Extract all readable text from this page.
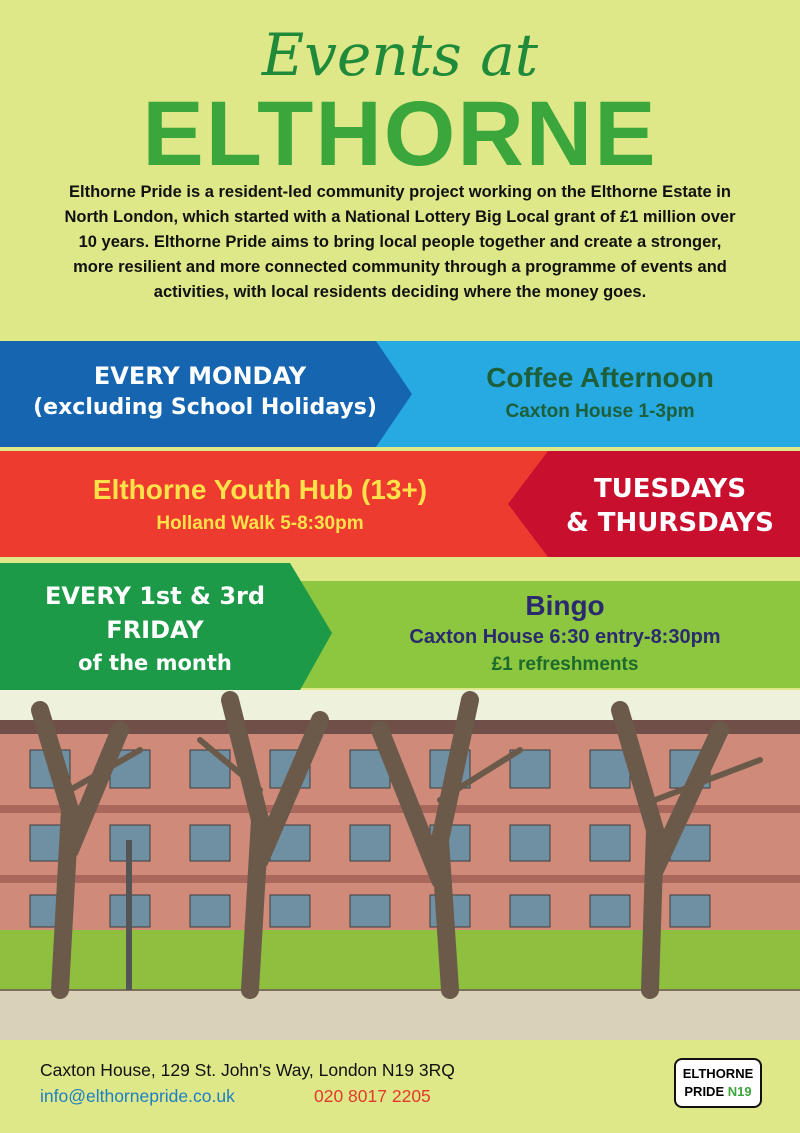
Events at
ELTHORNE

Elthorne Pride is a resident-led community project working on the Elthorne Estate in North London, which started with a National Lottery Big Local grant of £1 million over 10 years. Elthorne Pride aims to bring local people together and create a stronger, more resilient and more connected community through a programme of events and activities, with local residents deciding where the money goes.

EVERY MONDAY
(excluding School Holidays)
Coffee Afternoon
Caxton House 1-3pm
Elthorne Youth Hub (13+)
Holland Walk 5-8:30pm
TUESDAYS
& THURSDAYS
EVERY 1st & 3rd
FRIDAY
of the month
Bingo
Caxton House 6:30 entry-8:30pm
£1 refreshments
Caxton House, 129 St. John's Way, London N19 3RQ
info@elthornepride.co.uk	020 8017 2205
ELTHORNE
PRIDE N19
